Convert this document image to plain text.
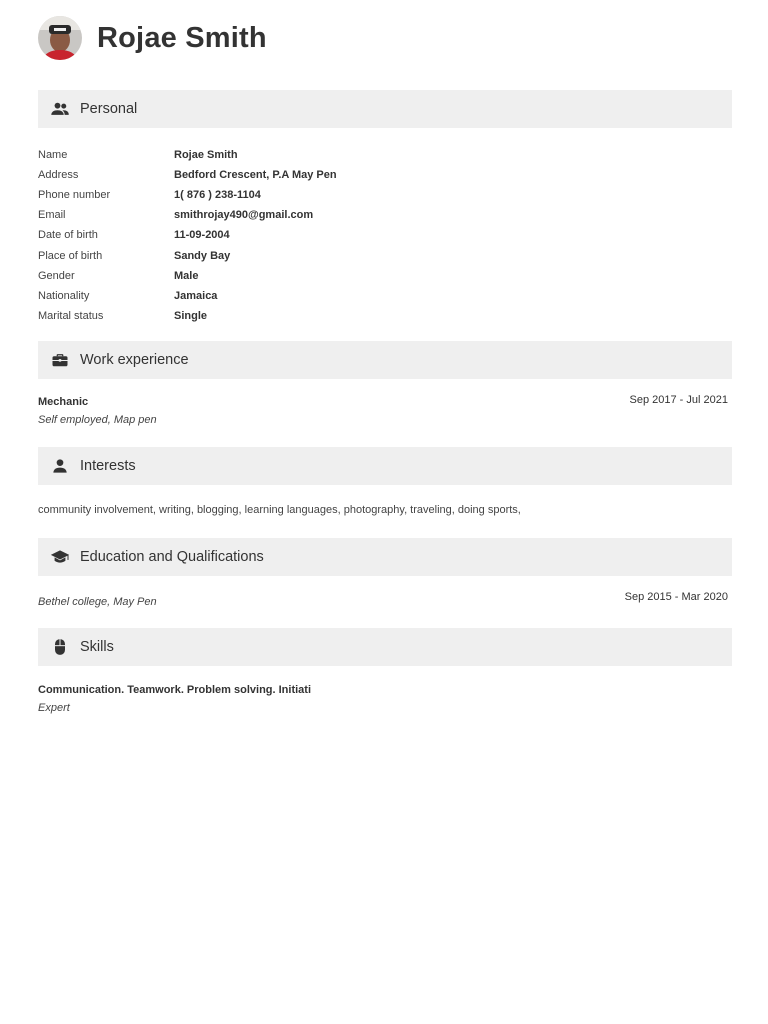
Rojae Smith
Personal
Name	Rojae Smith
Address	Bedford Crescent, P.A May Pen
Phone number	1( 876 ) 238-1104
Email	smithrojay490@gmail.com
Date of birth	11-09-2004
Place of birth	Sandy Bay
Gender	Male
Nationality	Jamaica
Marital status	Single
Work experience
Mechanic
Self employed, Map pen
Sep 2017 - Jul 2021
Interests
community involvement, writing, blogging, learning languages, photography, traveling, doing sports,
Education and Qualifications
Bethel college, May Pen	Sep 2015 - Mar 2020
Skills
Communication. Teamwork. Problem solving. Initiati
Expert
